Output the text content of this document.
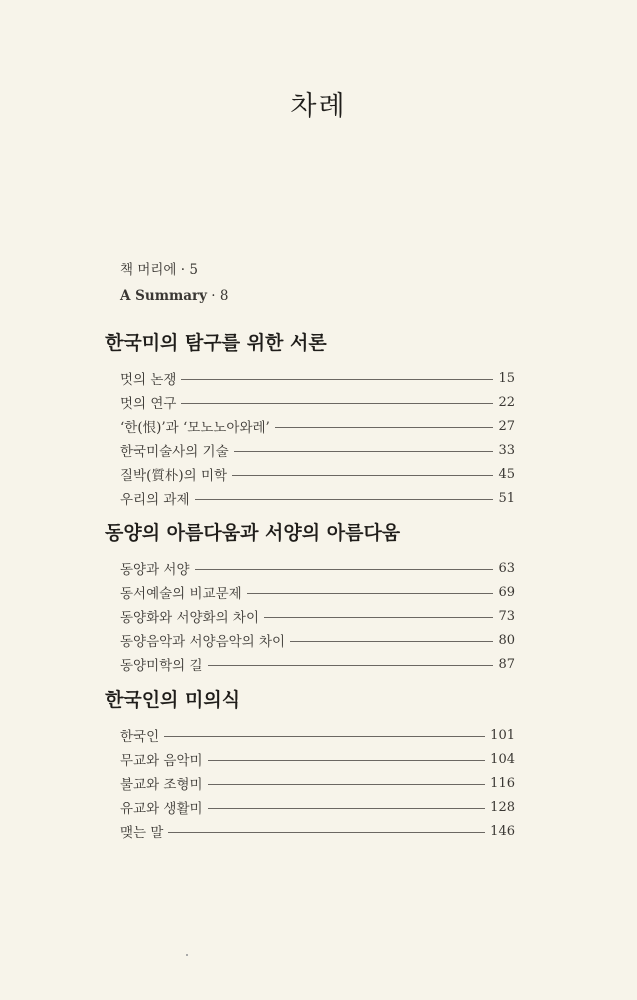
차례
책 머리에 · 5
A Summary · 8
한국미의 탐구를 위한 서론
멋의 논쟁	15
멋의 연구	22
‘한(恨)’과 ‘모노노아와레’	27
한국미술사의 기술	33
질박(質朴)의 미학	45
우리의 과제	51
동양의 아름다움과 서양의 아름다움
동양과 서양	63
동서예술의 비교문제	69
동양화와 서양화의 차이	73
동양음악과 서양음악의 차이	80
동양미학의 길	87
한국인의 미의식
한국인	101
무교와 음악미	104
불교와 조형미	116
유교와 생활미	128
맺는 말	146
